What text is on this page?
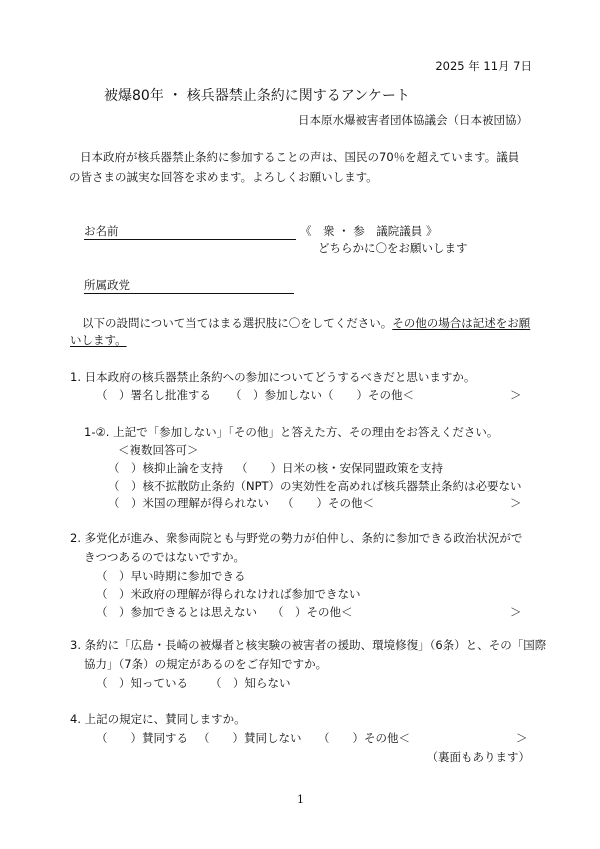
2025 年 11月 7日
被爆80年 ・ 核兵器禁止条約に関するアンケート
日本原水爆被害者団体協議会（日本被団協）
日本政府が核兵器禁止条約に参加することの声は、国民の70％を超えています。議員
の皆さまの誠実な回答を求めます。よろしくお願いします。
お名前	《　衆 ・ 参　議院議員 》
どちらかに〇をお願いします
所属政党
以下の設問について当てはまる選択肢に〇をしてください。その他の場合は記述をお願
いします。
1. 日本政府の核兵器禁止条約への参加についてどうするべきだと思いますか。
（　）署名し批准する （　）参加しない （　　）その他＜	＞
1-②. 上記で「参加しない」「その他」と答えた方、その理由をお答えください。
＜複数回答可＞
（　）核抑止論を支持 （　　）日米の核・安保同盟政策を支持
（　）核不拡散防止条約（NPT）の実効性を高めれば核兵器禁止条約は必要ない
（　）米国の理解が得られない （　　）その他＜	＞
2. 多党化が進み、衆参両院とも与野党の勢力が伯仲し、条約に参加できる政治状況がで
きつつあるのではないですか。
（　）早い時期に参加できる
（　）米政府の理解が得られなければ参加できない
（　）参加できるとは思えない （　）その他＜	＞
3. 条約に「広島・長崎の被爆者と核実験の被害者の援助、環境修復」（6条）と、その「国際
協力」（7条）の規定があるのをご存知ですか。
（　）知っている （　）知らない
4. 上記の規定に、賛同しますか。
（　　）賛同する （　　）賛同しない （　　）その他＜	＞
（裏面もあります）
1
